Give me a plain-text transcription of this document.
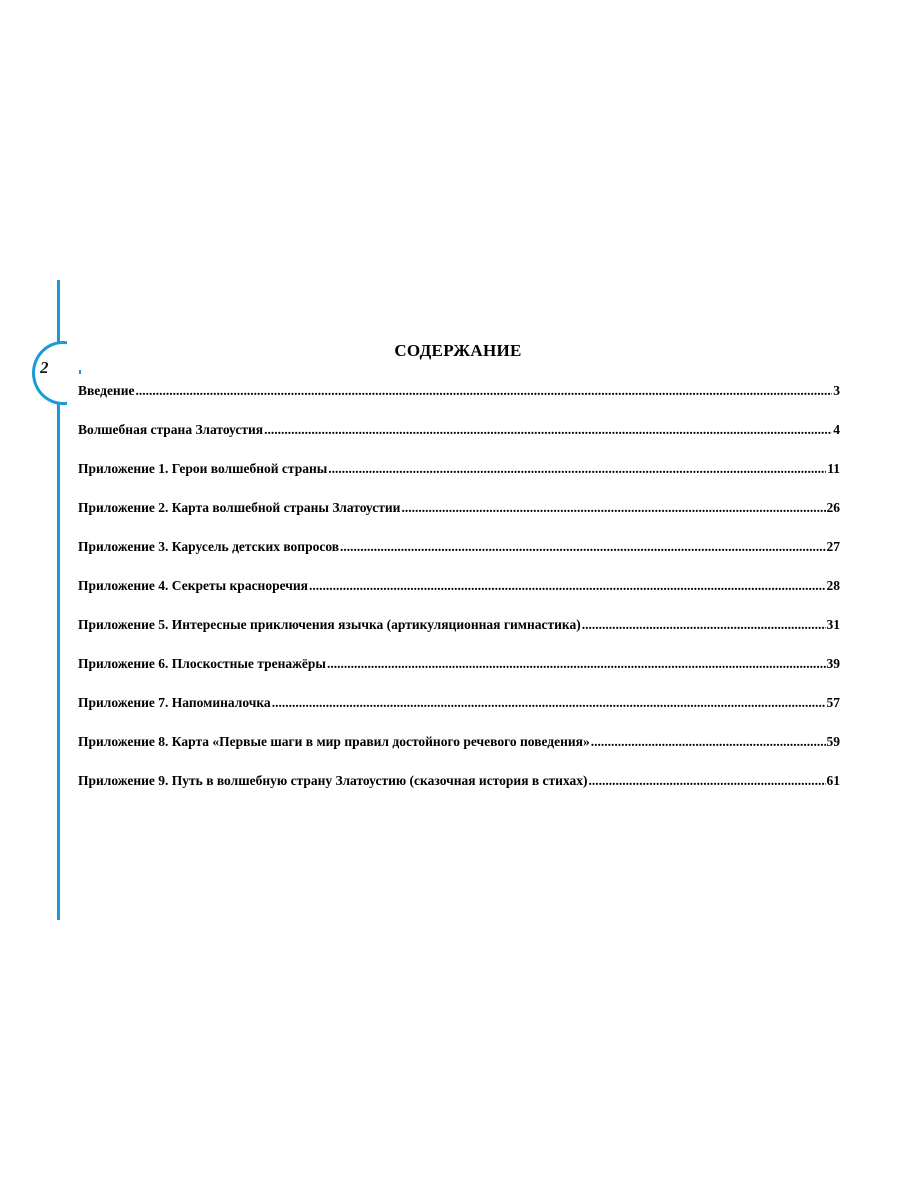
2
СОДЕРЖАНИЕ
Введение .....	3
Волшебная страна Златоустия .....	4
Приложение 1. Герои волшебной страны .....	11
Приложение 2. Карта волшебной страны Златоустии .....	26
Приложение 3. Карусель детских вопросов .....	27
Приложение 4. Секреты красноречия .....	28
Приложение 5. Интересные приключения язычка (артикуляционная гимнастика) .....	31
Приложение 6. Плоскостные тренажёры .....	39
Приложение 7. Напоминалочка .....	57
Приложение 8. Карта «Первые шаги в мир правил достойного речевого поведения» .....	59
Приложение 9. Путь в волшебную страну Златоустию (сказочная история в стихах) .....	61
